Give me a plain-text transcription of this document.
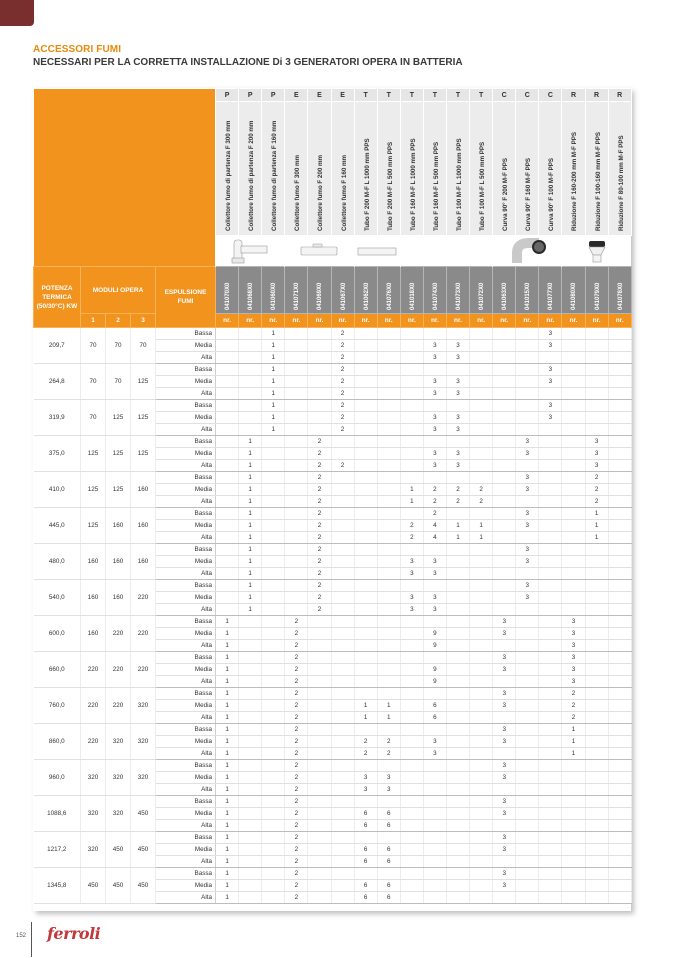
ACCESSORI FUMI
NECESSARI PER LA CORRETTA INSTALLAZIONE Di 3 GENERATORI OPERA IN BATTERIA
					P	P	P	E	E	E	T	T	T	T	T	T	C	C	C	R	R	R

					Collettore fumo di partenza F 300 mm	Collettore fumo di partenza F 200 mm	Collettore fumo di partenza F 160 mm	Collettore fumo F 300 mm	Collettore fumo F 200 mm	Collettore fumo F 160 mm	Tubo F 200 M-F L 1000 mm PPS	Tubo F 200 M-F L 500 mm PPS	Tubo F 160 M-F L 1000 mm PPS	Tubo F 160 M-F L 500 mm PPS	Tubo F 100 M-F L 1000 mm PPS	Tubo F 100 M-F L 500 mm PPS	Curva 90° F 200 M-F PPS	Curva 90° F 160 M-F PPS	Curva 90° F 100 M-F PPS	Riduzione F 160-200 mm M-F PPS	Riduzione F 100-160 mm M-F PPS	Riduzione F 80-100 mm M-F PPS

POTENZA TERMICA (50/30°C) KW	MODULI OPERA			ESPULSIONE FUMI	041070X0	041068X0	041060X0	041071X0	041069X0	041067X0	041062X0	041076X0	041018X0	041074X0	041073X0	041072X0	041063X0	041015X0	041077X0	041080X0	041079X0	041078X0

	1	2	3		nr.	nr.	nr.	nr.	nr.	nr.	nr.	nr.	nr.	nr.	nr.	nr.	nr.	nr.	nr.	nr.	nr.	nr.
209,7	70	70	70	Bassa			1			2									3			
				Media			1			2				3	3				3			
				Alta			1			2				3	3							
264,8	70	70	125	Bassa			1			2									3			
				Media			1			2				3	3				3			
				Alta			1			2				3	3							
319,9	70	125	125	Bassa			1			2									3			
				Media			1			2				3	3				3			
				Alta			1			2				3	3							
375,0	125	125	125	Bassa		1			2									3			3	
				Media		1			2					3	3			3			3	
				Alta		1			2	2				3	3						3	
410,0	125	125	160	Bassa		1			2									3			2	
				Media		1			2				1	2	2	2		3			2	
				Alta		1			2				1	2	2	2					2	
445,0	125	160	160	Bassa		1			2					2				3			1	
				Media		1			2				2	4	1	1		3			1	
				Alta		1			2				2	4	1	1					1	
480,0	160	160	160	Bassa		1			2									3				
				Media		1			2				3	3				3				
				Alta		1			2				3	3								
540,0	160	160	220	Bassa		1			2									3				
				Media		1			2				3	3				3				
				Alta		1			2				3	3								
600,0	160	220	220	Bassa	1			2									3			3		
				Media	1			2						9			3			3		
				Alta	1			2						9						3		
660,0	220	220	220	Bassa	1			2									3			3		
				Media	1			2						9			3			3		
				Alta	1			2						9						3		
760,0	220	220	320	Bassa	1			2									3			2		
				Media	1			2			1	1		6			3			2		
				Alta	1			2			1	1		6						2		
860,0	220	320	320	Bassa	1			2									3			1		
				Media	1			2			2	2		3			3			1		
				Alta	1			2			2	2		3						1		
960,0	320	320	320	Bassa	1			2									3					
				Media	1			2			3	3					3					
				Alta	1			2			3	3										
1088,6	320	320	450	Bassa	1			2									3					
				Media	1			2			6	6					3					
				Alta	1			2			6	6										
1217,2	320	450	450	Bassa	1			2									3					
				Media	1			2			6	6					3					
				Alta	1			2			6	6										
1345,8	450	450	450	Bassa	1			2									3					
				Media	1			2			6	6					3					
				Alta	1			2			6	6										
152 ferroli
